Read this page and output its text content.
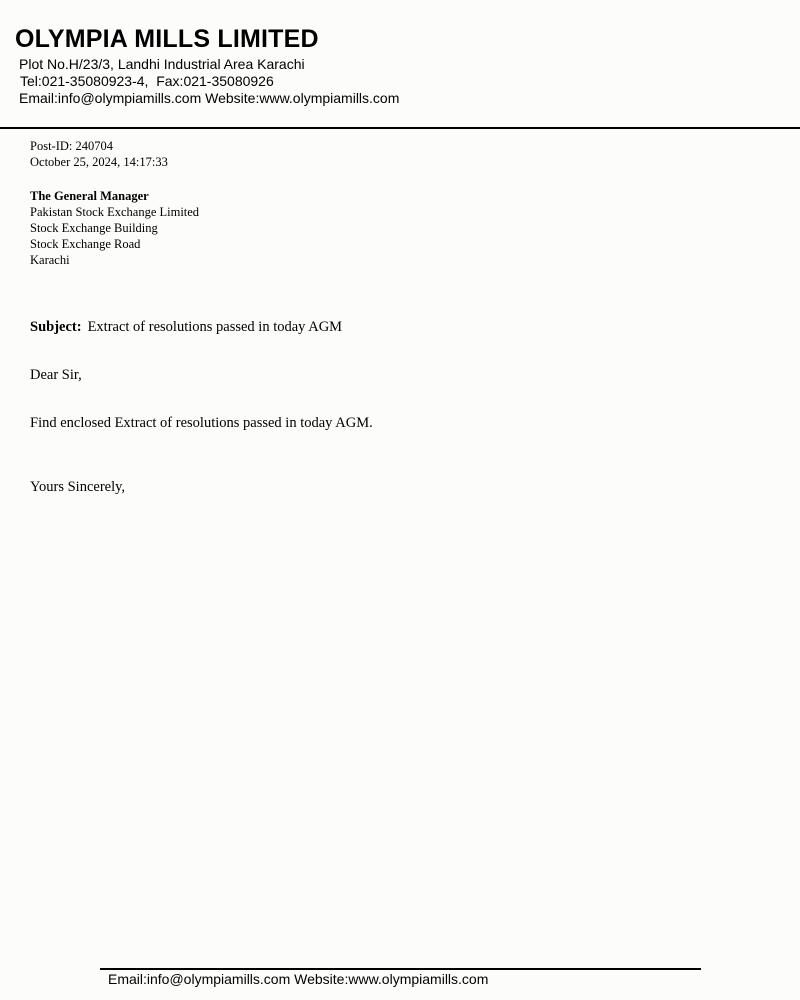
OLYMPIA MILLS LIMITED
Plot No.H/23/3, Landhi Industrial Area Karachi
Tel:021-35080923-4,  Fax:021-35080926
Email:info@olympiamills.com Website:www.olympiamills.com
Post-ID: 240704
October 25, 2024, 14:17:33
The General Manager
Pakistan Stock Exchange Limited
Stock Exchange Building
Stock Exchange Road
Karachi
Subject: Extract of resolutions passed in today AGM
Dear Sir,
Find enclosed Extract of resolutions passed in today AGM.
Yours Sincerely,
Email:info@olympiamills.com Website:www.olympiamills.com
